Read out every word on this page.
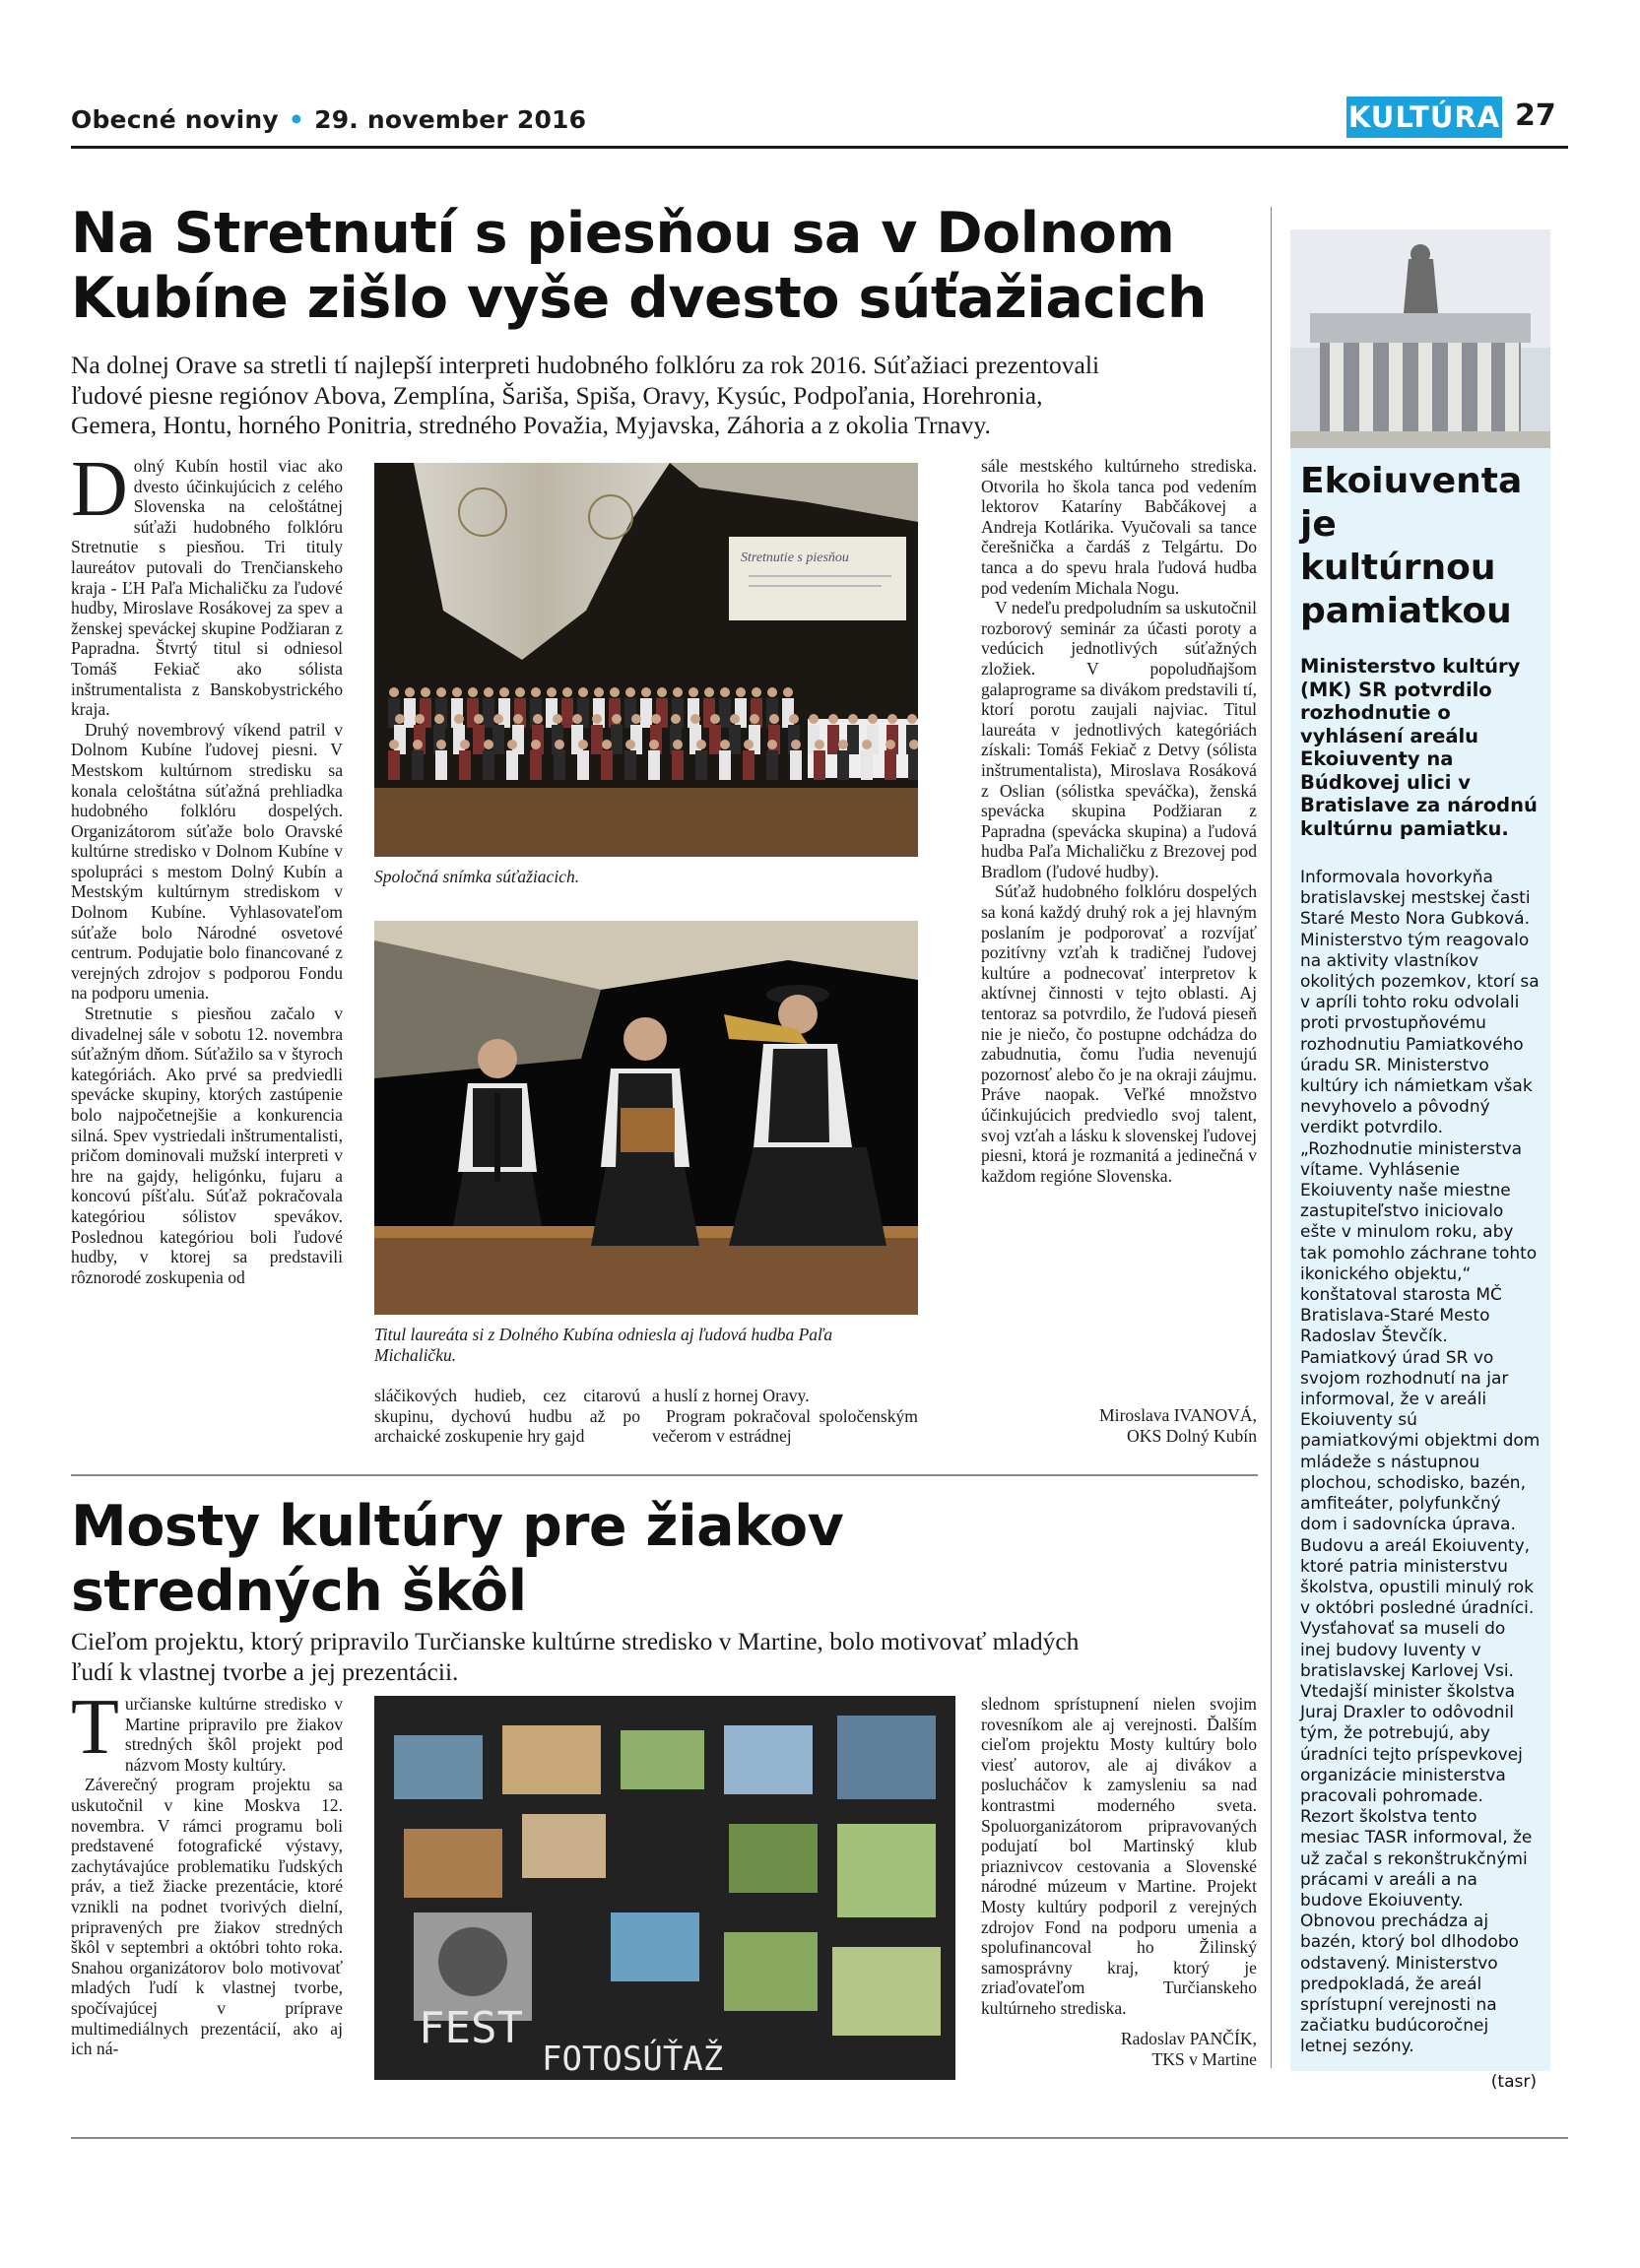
Obecné noviny • 29. november 2016	KULTÚRA 27
Na Stretnutí s piesňou sa v Dolnom
Kubíne zišlo vyše dvesto súťažiacich
Na dolnej Orave sa stretli tí najlepší interpreti hudobného folklóru za rok 2016. Súťažiaci prezentovali
ľudové piesne regiónov Abova, Zemplína, Šariša, Spiša, Oravy, Kysúc, Podpoľania, Horehronia,
Gemera, Hontu, horného Ponitria, stredného Považia, Myjavska, Záhoria a z okolia Trnavy.

Dolný Kubín hostil viac ako dvesto účinkujúcich z celého Slovenska na celoštátnej súťaži hudobného folklóru Stretnutie s piesňou. Tri tituly laureátov putovali do Trenčianskeho kraja - ĽH Paľa Michaličku za ľudové hudby, Miroslave Rosákovej za spev a ženskej speváckej skupine Podžiaran z Papradna. Štvrtý titul si odniesol Tomáš Fekiač ako sólista inštrumentalista z Banskobystrického kraja.

Druhý novembrový víkend patril v Dolnom Kubíne ľudovej piesni. V Mestskom kultúrnom stredisku sa konala celoštátna súťažná prehliadka hudobného folklóru dospelých. Organizátorom súťaže bolo Oravské kultúrne stredisko v Dolnom Kubíne v spolupráci s mestom Dolný Kubín a Mestským kultúrnym strediskom v Dolnom Kubíne. Vyhlasovateľom súťaže bolo Národné osvetové centrum. Podujatie bolo financované z verejných zdrojov s podporou Fondu na podporu umenia.

Stretnutie s piesňou začalo v divadelnej sále v sobotu 12. novembra súťažným dňom. Súťažilo sa v štyroch kategóriách. Ako prvé sa predviedli spevácke skupiny, ktorých zastúpenie bolo najpočetnejšie a konkurencia silná. Spev vystriedali inštrumentalisti, pričom dominovali mužskí interpreti v hre na gajdy, heligónku, fujaru a koncovú píšťalu. Súťaž pokračovala kategóriou sólistov spevákov. Poslednou kategóriou boli ľudové hudby, v ktorej sa predstavili rôznorodé zoskupenia od

Stretnutie s piesňou
Spoločná snímka súťažiacich.
Titul laureáta si z Dolného Kubína odniesla aj ľudová hudba Paľa Michaličku.

sláčikových hudieb, cez citarovú skupinu, dychovú hudbu až po archaické zoskupenie hry gajd

a huslí z hornej Oravy.

Program pokračoval spoločenským večerom v estrádnej

sále mestského kultúrneho strediska. Otvorila ho škola tanca pod vedením lektorov Kataríny Babčákovej a Andreja Kotlárika. Vyučovali sa tance čerešnička a čardáš z Telgártu. Do tanca a do spevu hrala ľudová hudba pod vedením Michala Nogu.

V nedeľu predpoludním sa uskutočnil rozborový seminár za účasti poroty a vedúcich jednotlivých súťažných zložiek. V popoludňajšom galaprograme sa divákom predstavili tí, ktorí porotu zaujali najviac. Titul laureáta v jednotlivých kategóriách získali: Tomáš Fekiač z Detvy (sólista inštrumentalista), Miroslava Rosáková z Oslian (sólistka speváčka), ženská spevácka skupina Podžiaran z Papradna (spevácka skupina) a ľudová hudba Paľa Michaličku z Brezovej pod Bradlom (ľudové hudby).

Súťaž hudobného folklóru dospelých sa koná každý druhý rok a jej hlavným poslaním je podporovať a rozvíjať pozitívny vzťah k tradičnej ľudovej kultúre a podnecovať interpretov k aktívnej činnosti v tejto oblasti. Aj tentoraz sa potvrdilo, že ľudová pieseň nie je niečo, čo postupne odchádza do zabudnutia, čomu ľudia nevenujú pozornosť alebo čo je na okraji záujmu. Práve naopak. Veľké množstvo účinkujúcich predviedlo svoj talent, svoj vzťah a lásku k slovenskej ľudovej piesni, ktorá je rozmanitá a jedinečná v každom regióne Slovenska.

Miroslava IVANOVÁ,
OKS Dolný Kubín
Mosty kultúry pre žiakov
stredných škôl
Cieľom projektu, ktorý pripravilo Turčianske kultúrne stredisko v Martine, bolo motivovať mladých
ľudí k vlastnej tvorbe a jej prezentácii.

Turčianske kultúrne stredisko v Martine pripravilo pre žiakov stredných škôl projekt pod názvom Mosty kultúry.

Záverečný program projektu sa uskutočnil v kine Moskva 12. novembra. V rámci programu boli predstavené fotografické výstavy, zachytávajúce problematiku ľudských práv, a tiež žiacke prezentácie, ktoré vznikli na podnet tvorivých dielní, pripravených pre žiakov stredných škôl v septembri a októbri tohto roka. Snahou organizátorov bolo motivovať mladých ľudí k vlastnej tvorbe, spočívajúcej v príprave multimediálnych prezentácií, ako aj ich ná-	FEST
FOTOSÚŤAŽ

slednom sprístupnení nielen svojim rovesníkom ale aj verejnosti. Ďalším cieľom projektu Mosty kultúry bolo viesť autorov, ale aj divákov a poslucháčov k zamysleniu sa nad kontrastmi moderného sveta. Spoluorganizátorom pripravovaných podujatí bol Martinský klub priaznivcov cestovania a Slovenské národné múzeum v Martine. Projekt Mosty kultúry podporil z verejných zdrojov Fond na podporu umenia a spolufinancoval ho Žilinský samosprávny kraj, ktorý je zriaďovateľom Turčianskeho kultúrneho strediska.

Radoslav PANČÍK,
TKS v Martine
Ekoiuventa
je kultúrnou
pamiatkou
Ministerstvo kultúry (MK) SR potvrdilo rozhodnutie o vyhlásení areálu Ekoiuventy na Búdkovej ulici v Bratislave za národnú kultúrnu pamiatku.

Informovala hovorkyňa bratislavskej mestskej časti Staré Mesto Nora Gubková. Ministerstvo tým reagovalo na aktivity vlastníkov okolitých pozemkov, ktorí sa v apríli tohto roku odvolali proti prvostupňovému rozhodnutiu Pamiatkového úradu SR. Ministerstvo kultúry ich námietkam však nevyhovelo a pôvodný verdikt potvrdilo.

„Rozhodnutie ministerstva vítame. Vyhlásenie Ekoiuventy naše miestne zastupiteľstvo iniciovalo ešte v minulom roku, aby tak pomohlo záchrane tohto ikonického objektu,“ konštatoval starosta MČ Bratislava-Staré Mesto Radoslav Števčík.

Pamiatkový úrad SR vo svojom rozhodnutí na jar informoval, že v areáli Ekoiuventy sú pamiatkovými objektmi dom mládeže s nástupnou plochou, schodisko, bazén, amfiteáter, polyfunkčný dom i sadovnícka úprava.

Budovu a areál Ekoiuventy, ktoré patria ministerstvu školstva, opustili minulý rok v októbri posledné úradníci. Vysťahovať sa museli do inej budovy Iuventy v bratislavskej Karlovej Vsi. Vtedajší minister školstva Juraj Draxler to odôvodnil tým, že potrebujú, aby úradníci tejto príspevkovej organizácie ministerstva pracovali pohromade.

Rezort školstva tento mesiac TASR informoval, že už začal s rekonštrukčnými prácami v areáli a na budove Ekoiuventy. Obnovou prechádza aj bazén, ktorý bol dlhodobo odstavený. Ministerstvo predpokladá, že areál sprístupní verejnosti na začiatku budúcoročnej letnej sezóny.

(tasr)
